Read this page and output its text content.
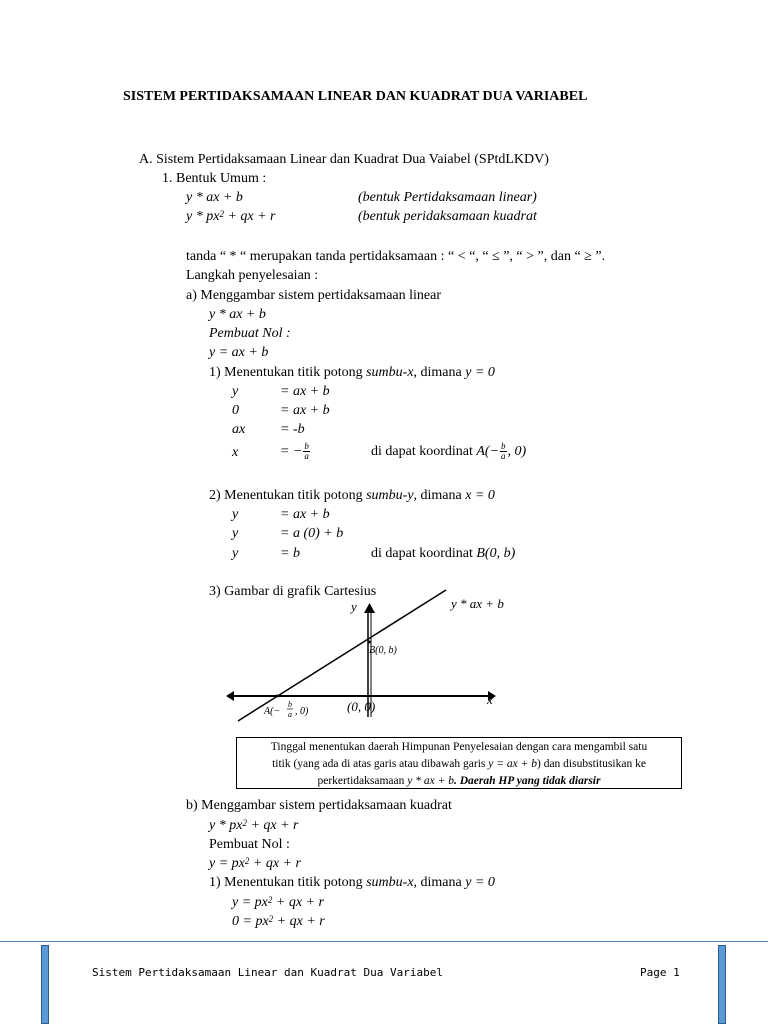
SISTEM PERTIDAKSAMAAN LINEAR DAN KUADRAT DUA VARIABEL
A. Sistem Pertidaksamaan Linear dan Kuadrat Dua Vaiabel (SPtdLKDV)
1. Bentuk Umum :
y * ax + b	(bentuk Pertidaksamaan linear)
y * $px^2$ + qx + r	(bentuk peridaksamaan kuadrat
tanda “ * “ merupakan tanda pertidaksamaan : “ < “, “ ≤ ”, “ > ”, dan “ ≥ ”.
Langkah penyelesaian :
a) Menggambar sistem pertidaksamaan linear
y * ax + b
Pembuat Nol :
y = ax + b
1) Menentukan titik potong sumbu-x, dimana y = 0
y	= ax + b
0	= ax + b
ax = -b
x	= − $\frac{b}{a}$	di dapat koordinat $A(- \frac{b}{a}$ , 0)
2) Menentukan titik potong sumbu-y, dimana x = 0
y	= ax + b
y	= a (0) + b
y	= b	di dapat koordinat B(0, b)
3) Gambar di grafik Cartesius
y
x
y * ax + b
B(0, b)
(0, 0)
A(−
b
a , 0)
Tinggal menentukan daerah Himpunan Penyelesaian dengan cara mengambil satu
titik (yang ada di atas garis atau dibawah garis y = ax + b) dan disubstitusikan ke
perkertidaksamaan y * ax + b. Daerah HP yang tidak diarsir
b) Menggambar sistem pertidaksamaan kuadrat
y * $px^2$ + qx + r
Pembuat Nol :
$y = px^2$ + qx + r
1) Menentukan titik potong sumbu-x, dimana y = 0
$y = px^2$ + qx + r
$0 = px^2$ + qx + r
Sistem Pertidaksamaan Linear dan Kuadrat Dua Variabel	Page 1
